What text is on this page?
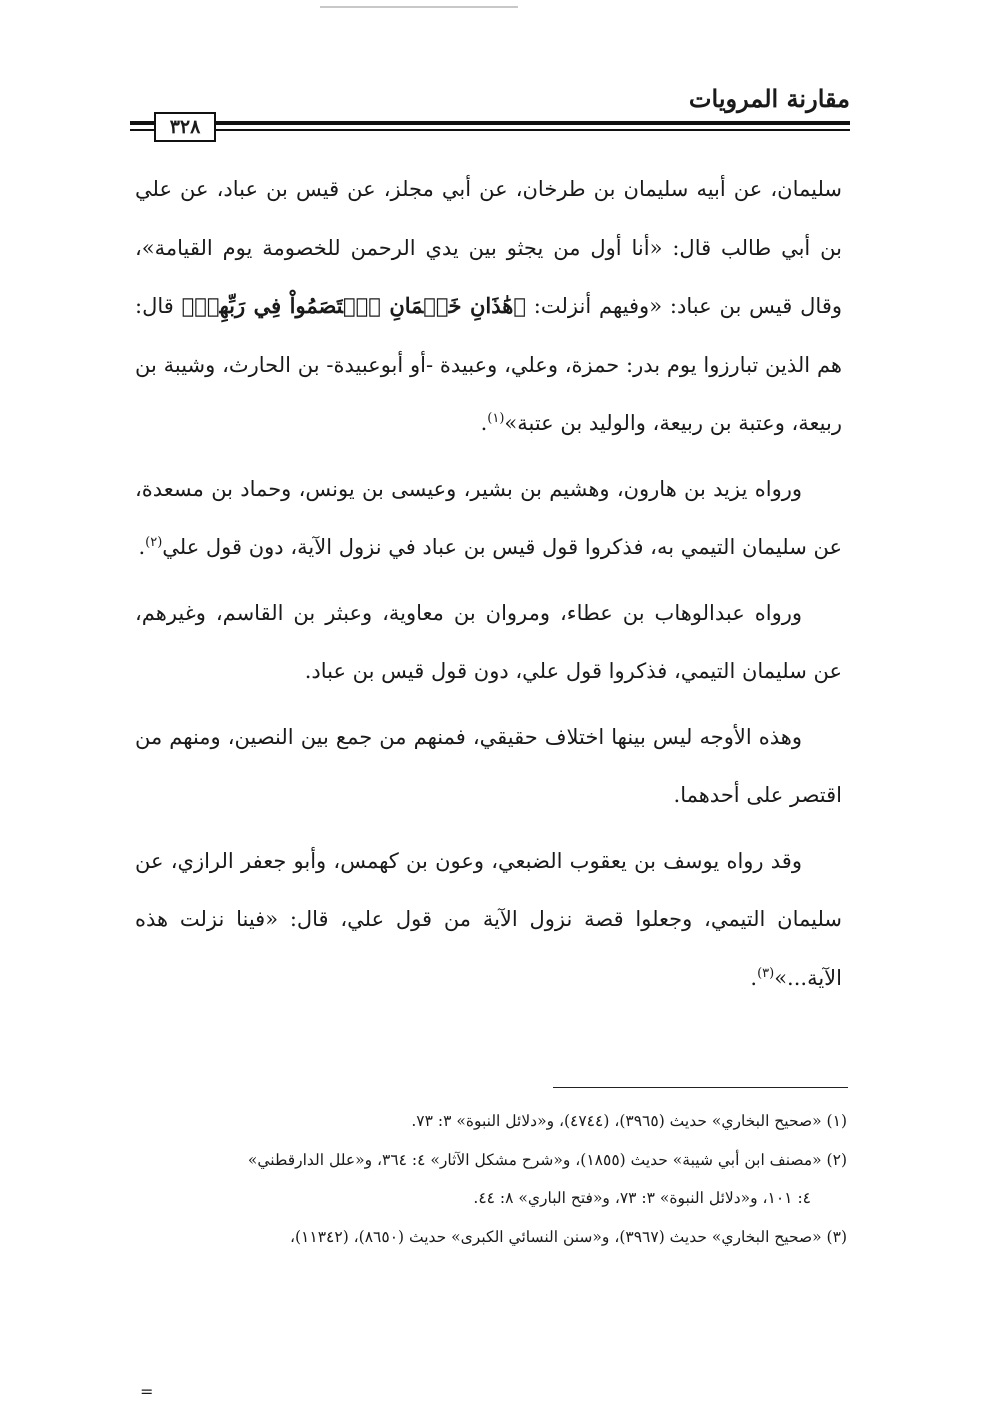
مقارنة المرويات
٣٢٨

سليمان، عن أبيه سليمان بن طرخان، عن أبي مجلز، عن قيس بن عباد، عن علي بن أبي طالب قال: «أنا أول من يجثو بين يدي الرحمن للخصومة يوم القيامة»، وقال قيس بن عباد: «وفيهم أنزلت: ﴿هَٰذَانِ خَصۡمَانِ ٱخۡتَصَمُواْ فِي رَبِّهِمۡ﴾ قال: هم الذين تبارزوا يوم بدر: حمزة، وعلي، وعبيدة -أو أبوعبيدة- بن الحارث، وشيبة بن ربيعة، وعتبة بن ربيعة، والوليد بن عتبة»$^{(١)}$.

ورواه يزيد بن هارون، وهشيم بن بشير، وعيسى بن يونس، وحماد بن مسعدة، عن سليمان التيمي به، فذكروا قول قيس بن عباد في نزول الآية، دون قول علي$^{(٢)}$.

ورواه عبدالوهاب بن عطاء، ومروان بن معاوية، وعبثر بن القاسم، وغيرهم، عن سليمان التيمي، فذكروا قول علي، دون قول قيس بن عباد.

وهذه الأوجه ليس بينها اختلاف حقيقي، فمنهم من جمع بين النصين، ومنهم من اقتصر على أحدهما.

وقد رواه يوسف بن يعقوب الضبعي، وعون بن كهمس، وأبو جعفر الرازي، عن سليمان التيمي، وجعلوا قصة نزول الآية من قول علي، قال: «فينا نزلت هذه الآية...»$^{(٣)}$.

(١) «صحيح البخاري» حديث (٣٩٦٥)، (٤٧٤٤)، و«دلائل النبوة» ٣: ٧٣.
(٢) «مصنف ابن أبي شيبة» حديث (١٨٥٥)، و«شرح مشكل الآثار» ٤: ٣٦٤، و«علل الدارقطني»
٤: ١٠١، و«دلائل النبوة» ٣: ٧٣، و«فتح الباري» ٨: ٤٤.
(٣) «صحيح البخاري» حديث (٣٩٦٧)، و«سنن النسائي الكبرى» حديث (٨٦٥٠)، (١١٣٤٢)،
=
